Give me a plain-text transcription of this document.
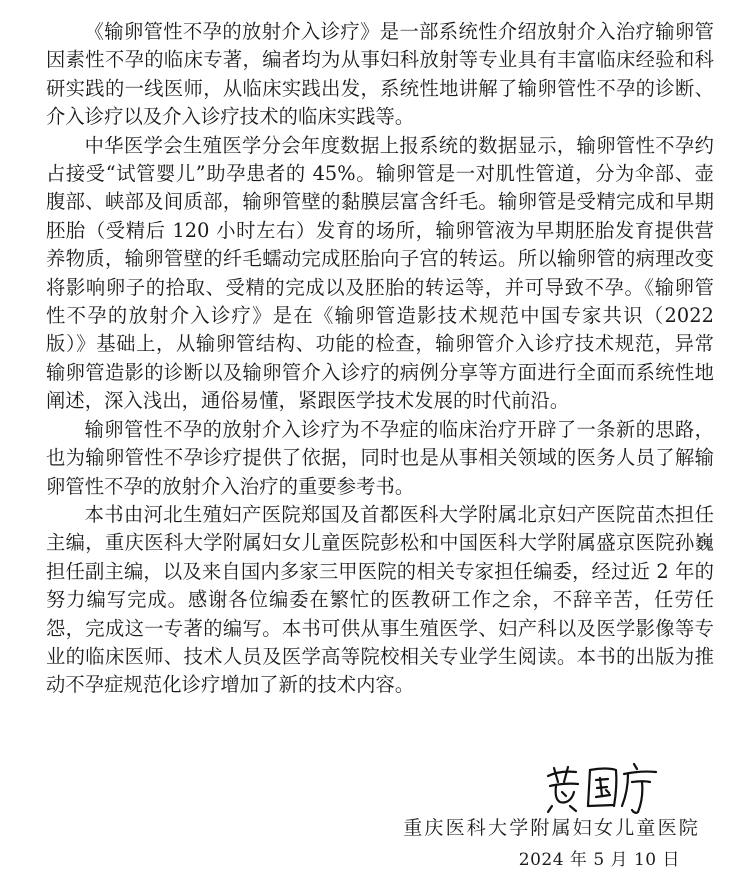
《输卵管性不孕的放射介入诊疗》是一部系统性介绍放射介入治疗输卵管因素性不孕的临床专著，编者均为从事妇科放射等专业具有丰富临床经验和科研实践的一线医师，从临床实践出发，系统性地讲解了输卵管性不孕的诊断、介入诊疗以及介入诊疗技术的临床实践等。

中华医学会生殖医学分会年度数据上报系统的数据显示，输卵管性不孕约占接受“试管婴儿”助孕患者的 45%。输卵管是一对肌性管道，分为伞部、壶腹部、峡部及间质部，输卵管壁的黏膜层富含纤毛。输卵管是受精完成和早期胚胎（受精后 120 小时左右）发育的场所，输卵管液为早期胚胎发育提供营养物质，输卵管壁的纤毛蠕动完成胚胎向子宫的转运。所以输卵管的病理改变将影响卵子的拾取、受精的完成以及胚胎的转运等，并可导致不孕。《输卵管性不孕的放射介入诊疗》是在《输卵管造影技术规范中国专家共识（2022 版）》基础上，从输卵管结构、功能的检查，输卵管介入诊疗技术规范，异常输卵管造影的诊断以及输卵管介入诊疗的病例分享等方面进行全面而系统性地阐述，深入浅出，通俗易懂，紧跟医学技术发展的时代前沿。

输卵管性不孕的放射介入诊疗为不孕症的临床治疗开辟了一条新的思路，也为输卵管性不孕诊疗提供了依据，同时也是从事相关领域的医务人员了解输卵管性不孕的放射介入治疗的重要参考书。

本书由河北生殖妇产医院郑国及首都医科大学附属北京妇产医院苗杰担任主编，重庆医科大学附属妇女儿童医院彭松和中国医科大学附属盛京医院孙巍担任副主编，以及来自国内多家三甲医院的相关专家担任编委，经过近 2 年的努力编写完成。感谢各位编委在繁忙的医教研工作之余，不辞辛苦，任劳任怨，完成这一专著的编写。本书可供从事生殖医学、妇产科以及医学影像等专业的临床医师、技术人员及医学高等院校相关专业学生阅读。本书的出版为推动不孕症规范化诊疗增加了新的技术内容。

重庆医科大学附属妇女儿童医院
2024 年 5 月 10 日
